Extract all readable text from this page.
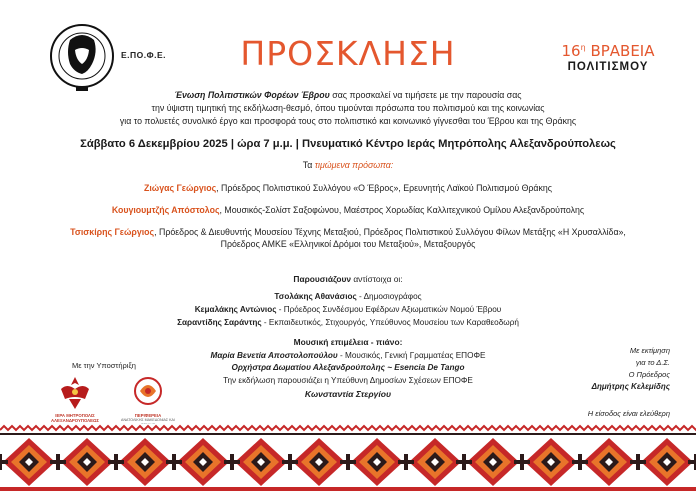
Ε.ΠΟ.Φ.Ε.	ΠΡΟΣΚΛΗΣΗ	$16^\eta$ ΒΡΑΒΕΙΑ
ΠΟΛΙΤΙΣΜΟΥ
Ένωση Πολιτιστικών Φορέων Έβρου σας προσκαλεί να τιμήσετε με την παρουσία σας
την ύψιστη τιμητική της εκδήλωση-θεσμό, όπου τιμούνται πρόσωπα του πολιτισμού και της κοινωνίας
για το πολυετές συνολικό έργο και προσφορά τους στο πολιτιστικό και κοινωνικό γίγνεσθαι του Έβρου και της Θράκης
Σάββατο 6 Δεκεμβρίου 2025 | ώρα 7 μ.μ. | Πνευματικό Κέντρο Ιεράς Μητρόπολης Αλεξανδρούπολεως
Τα τιμώμενα πρόσωπα:
Ζιώγας Γεώργιος, Πρόεδρος Πολιτιστικού Συλλόγου «Ο Έβρος», Ερευνητής Λαϊκού Πολιτισμού Θράκης
Κουγιουμτζής Απόστολος, Μουσικός-Σολίστ Σαξοφώνου, Μαέστρος Χορωδίας Καλλιτεχνικού Ομίλου Αλεξανδρούπολης
Τσισκίρης Γεώργιος, Πρόεδρος & Διευθυντής Μουσείου Τέχνης Μεταξιού, Πρόεδρος Πολιτιστικού Συλλόγου Φίλων Μετάξης «Η Χρυσαλλίδα»,
Πρόεδρος ΑΜΚΕ «Ελληνικοί Δρόμοι του Μεταξιού», Μεταξουργός
Παρουσιάζουν αντίστοιχα οι:
Τσολάκης Αθανάσιος - Δημοσιογράφος
Κεμαλάκης Αντώνιος - Πρόεδρος Συνδέσμου Εφέδρων Αξιωματικών Νομού Έβρου
Σαραντίδης Σαράντης - Εκπαιδευτικός, Στιχουργός, Υπεύθυνος Μουσείου των Καραθεοδωρή
Μουσική επιμέλεια - πιάνο:
Μαρία Βενετία Αποστολοπούλου - Μουσικός, Γενική Γραμματέας ΕΠΟΦΕ
Ορχήστρα Δωματίου Αλεξανδρούπολης ~ Esencia De Tango
Την εκδήλωση παρουσιάζει η Υπεύθυνη Δημοσίων Σχέσεων ΕΠΟΦΕ
Κωνσταντία Στεργίου
Με την Υποστήριξη
ΙΕΡΑ ΜΗΤΡΟΠΟΛΙΣ ΑΛΕΞΑΝΔΡΟΥΠΟΛΕΩΣ
ΠΕΡΙΦΕΡΕΙΑ
ΑΝΑΤΟΛΙΚΗΣ ΜΑΚΕΔΟΝΙΑΣ ΚΑΙ
Με εκτίμηση
για το Δ.Σ.
Ο Πρόεδρος
Δημήτρης Κελεμίδης
Η είσοδος είναι ελεύθερη
